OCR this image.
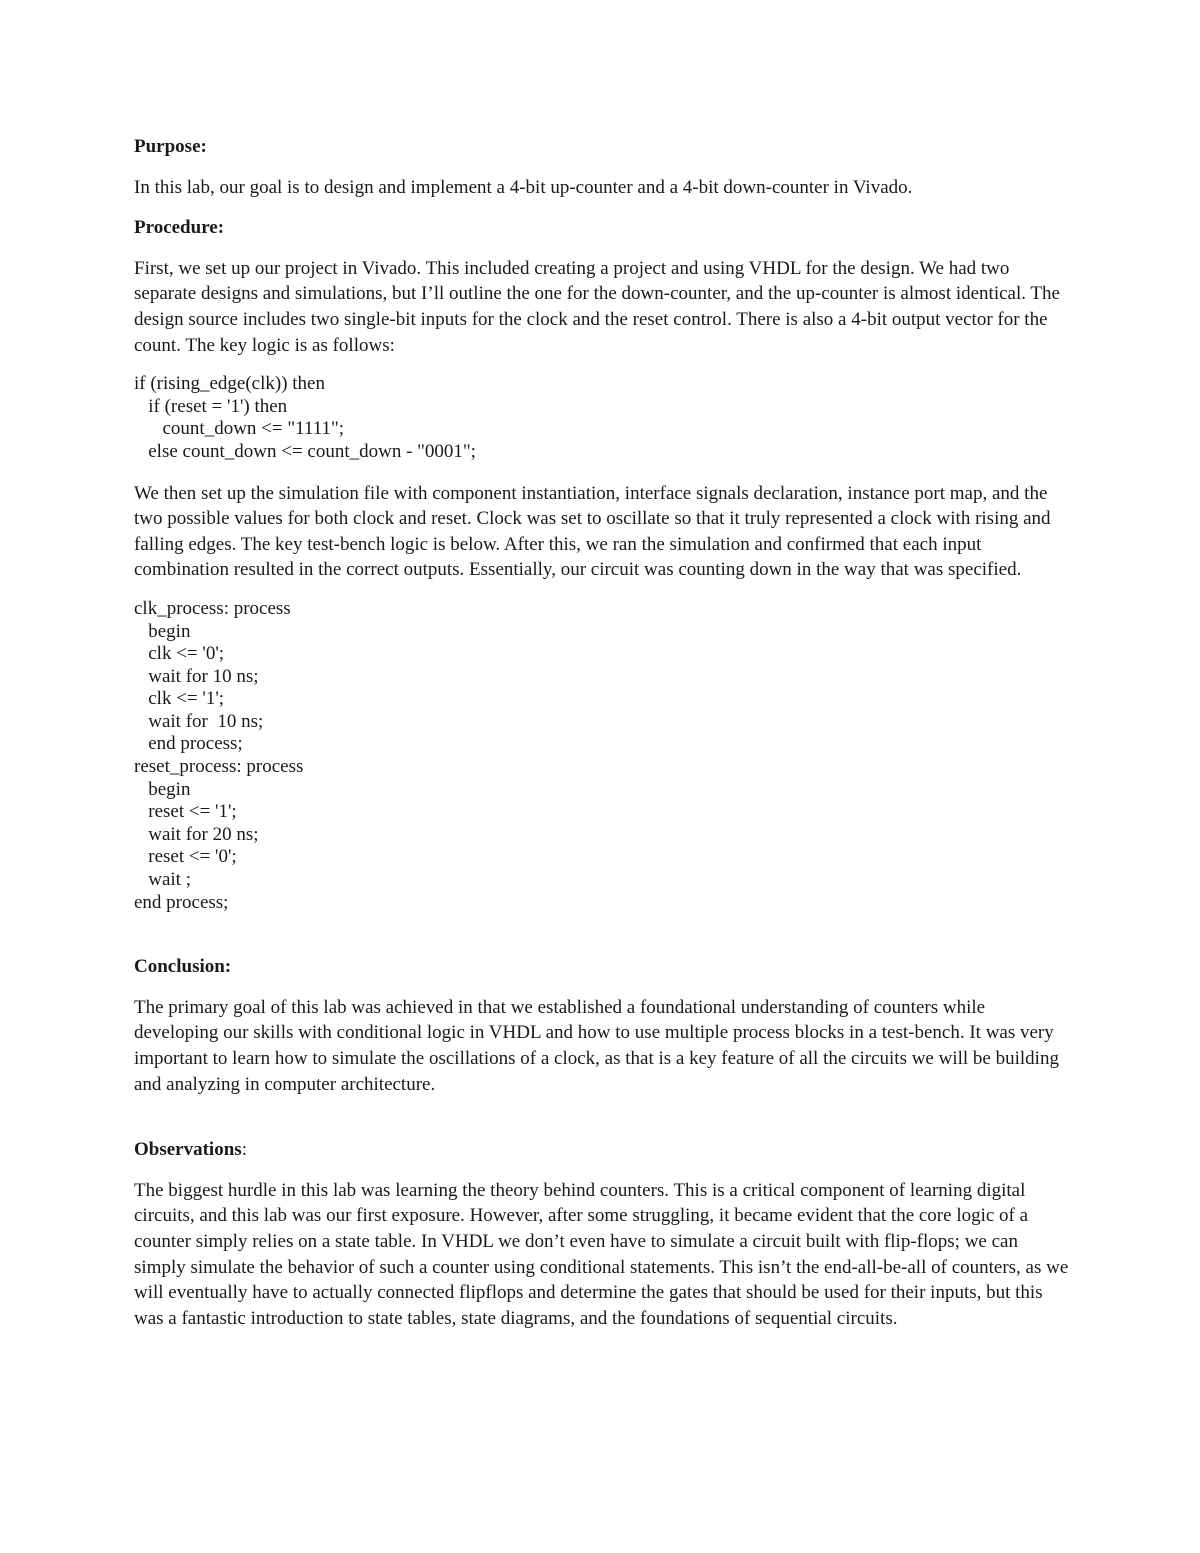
Purpose:

In this lab, our goal is to design and implement a 4-bit up-counter and a 4-bit down-counter in Vivado.

Procedure:

First, we set up our project in Vivado. This included creating a project and using VHDL for the design. We had two separate designs and simulations, but I’ll outline the one for the down-counter, and the up-counter is almost identical. The design source includes two single-bit inputs for the clock and the reset control. There is also a 4-bit output vector for the count. The key logic is as follows:

if (rising_edge(clk)) then
if (reset = '1') then
count_down <= "1111";
else count_down <= count_down - "0001";

We then set up the simulation file with component instantiation, interface signals declaration, instance port map, and the two possible values for both clock and reset. Clock was set to oscillate so that it truly represented a clock with rising and falling edges. The key test-bench logic is below. After this, we ran the simulation and confirmed that each input combination resulted in the correct outputs. Essentially, our circuit was counting down in the way that was specified.

clk_process: process
begin
clk <= '0';
wait for 10 ns;
clk <= '1';
wait for  10 ns;
end process;
reset_process: process
begin
reset <= '1';
wait for 20 ns;
reset <= '0';
wait ;
end process;

Conclusion:

The primary goal of this lab was achieved in that we established a foundational understanding of counters while developing our skills with conditional logic in VHDL and how to use multiple process blocks in a test-bench. It was very important to learn how to simulate the oscillations of a clock, as that is a key feature of all the circuits we will be building and analyzing in computer architecture.

Observations:

The biggest hurdle in this lab was learning the theory behind counters. This is a critical component of learning digital circuits, and this lab was our first exposure. However, after some struggling, it became evident that the core logic of a counter simply relies on a state table. In VHDL we don’t even have to simulate a circuit built with flip-flops; we can simply simulate the behavior of such a counter using conditional statements. This isn’t the end-all-be-all of counters, as we will eventually have to actually connected flipflops and determine the gates that should be used for their inputs, but this was a fantastic introduction to state tables, state diagrams, and the foundations of sequential circuits.
